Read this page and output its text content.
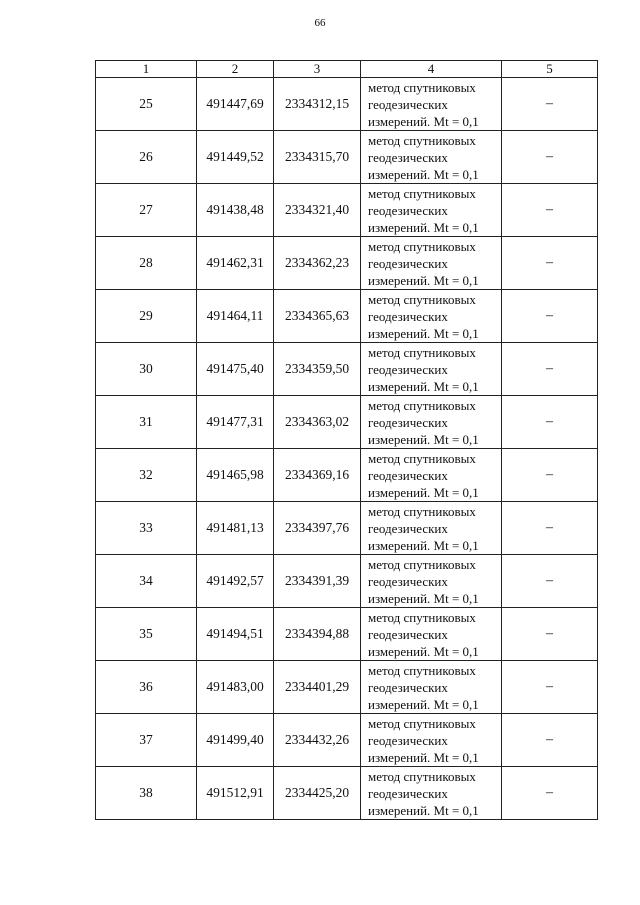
66
1	2	3	4	5
25	491447,69	2334312,15	метод спутниковых геодезических измерений. Mt = 0,1	–
26	491449,52	2334315,70	метод спутниковых геодезических измерений. Mt = 0,1	–
27	491438,48	2334321,40	метод спутниковых геодезических измерений. Mt = 0,1	–
28	491462,31	2334362,23	метод спутниковых геодезических измерений. Mt = 0,1	–
29	491464,11	2334365,63	метод спутниковых геодезических измерений. Mt = 0,1	–
30	491475,40	2334359,50	метод спутниковых геодезических измерений. Mt = 0,1	–
31	491477,31	2334363,02	метод спутниковых геодезических измерений. Mt = 0,1	–
32	491465,98	2334369,16	метод спутниковых геодезических измерений. Mt = 0,1	–
33	491481,13	2334397,76	метод спутниковых геодезических измерений. Mt = 0,1	–
34	491492,57	2334391,39	метод спутниковых геодезических измерений. Mt = 0,1	–
35	491494,51	2334394,88	метод спутниковых геодезических измерений. Mt = 0,1	–
36	491483,00	2334401,29	метод спутниковых геодезических измерений. Mt = 0,1	–
37	491499,40	2334432,26	метод спутниковых геодезических измерений. Mt = 0,1	–
38	491512,91	2334425,20	метод спутниковых геодезических измерений. Mt = 0,1	–
